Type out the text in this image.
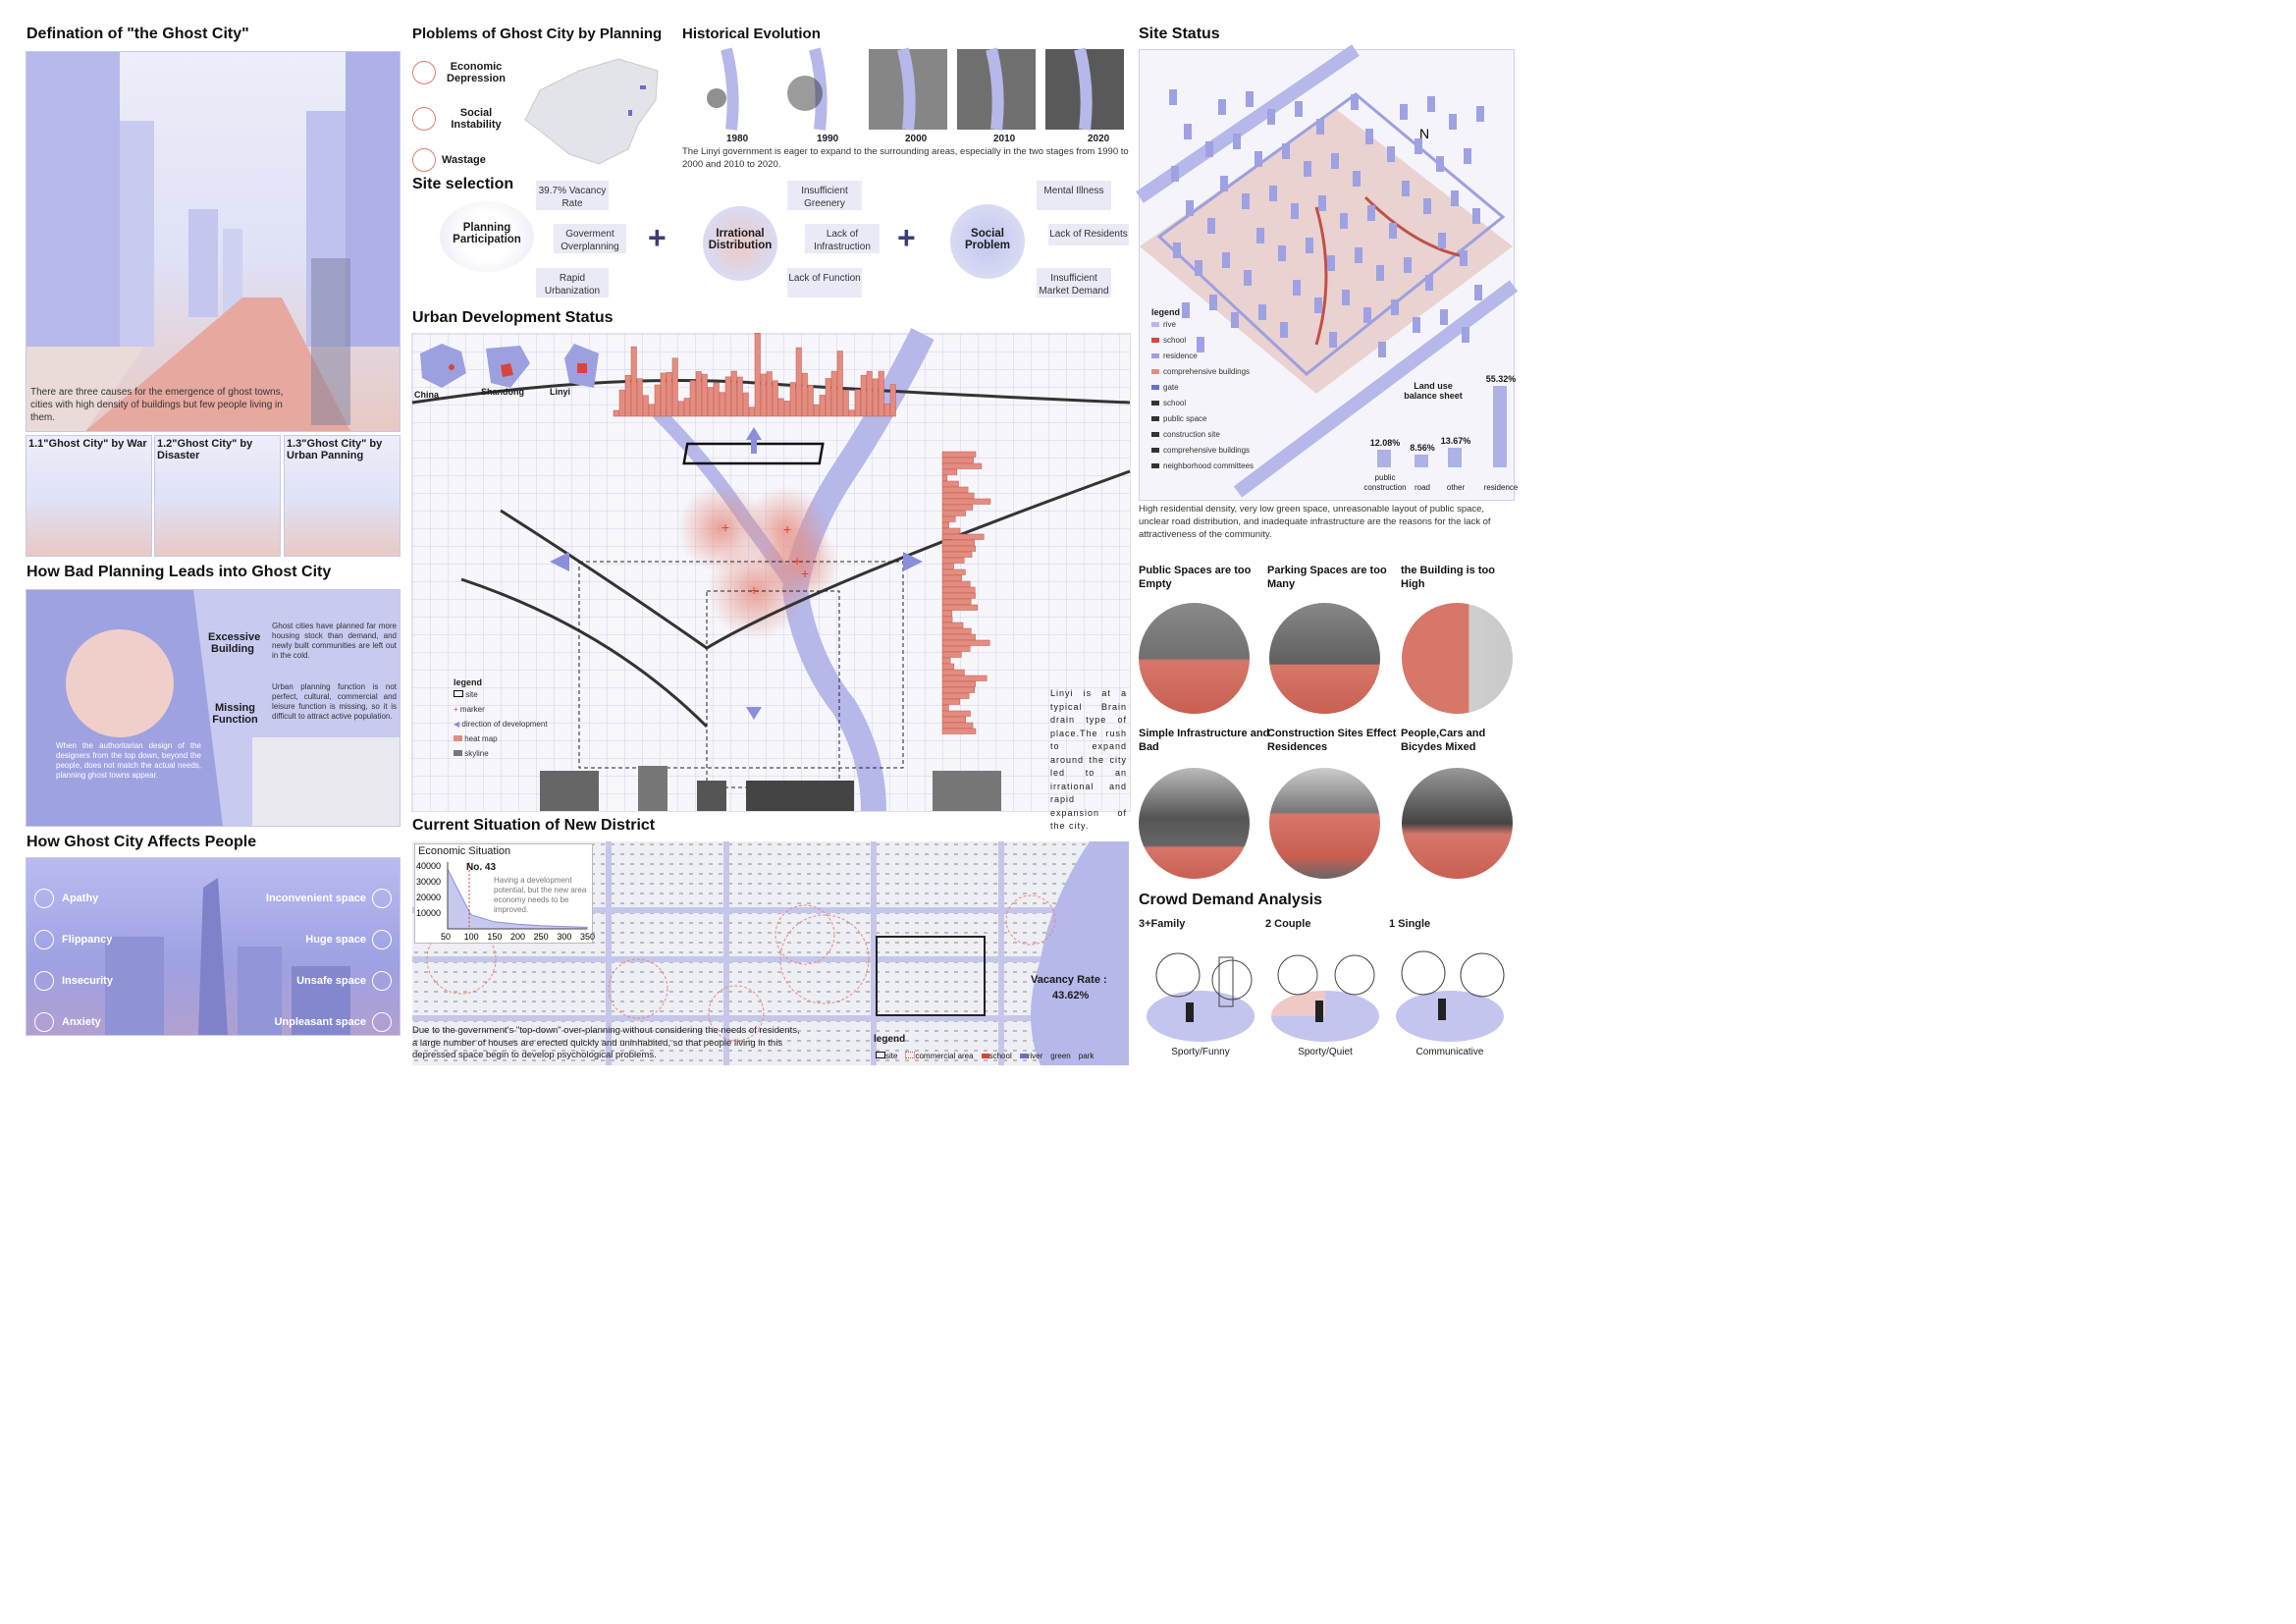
Defination of "the Ghost City"
There are three causes for the emergence of ghost towns, cities with high density of buildings but few people living in them.
1.1"Ghost City" by War 1.2"Ghost City" by Disaster
1.3"Ghost City" by Urban Panning
How Bad Planning Leads into Ghost City
Excessive Building
Missing Function
Ghost cities have planned far more housing stock than demand, and newly built communities are left out in the cold.
Urban planning function is not perfect, cultural, commercial and leisure function is missing, so it is difficult to attract active population.
When the authoritarian design of the designers from the top down, beyond the people, does not match the actual needs, planning ghost towns appear.
How Ghost City Affects People
Apathy
Flippancy
Insecurity
Anxiety
Inconvenient space
Huge space
Unsafe space
Unpleasant space
Ploblems of Ghost City by Planning
Economic Depression
Social Instability
Wastage
Historical Evolution
1980	1990	2000	2010	2020
The Linyi government is eager to expand to the surrounding areas, especially in the two stages from 1990 to 2000 and 2010 to 2020.
Site selection
Planning Participation
39.7% Vacancy Rate
Goverment Overplanning
Rapid Urbanization
+	Irrational Distribution
Insufficient Greenery
Lack of Infrastruction
Lack of Function
+	Social Problem
Mental Illness
Lack of Residents
Insufficient Market Demand
Urban Development Status
+	+
+
+
+
China	Shandong	Linyi
legend
site
+ marker
◀ direction of development
heat map
skyline
Linyi is at a typical Brain drain type of place.The rush to expand around the city led to an irrational and rapid expansion of the city.
Current Situation of New District
Economic Situation
40000
30000
20000
10000
50 100 150 200 250 300 350
No. 43
Having a development potential, but the new area economy needs to be improved.
Vacancy Rate :
43.62%
Due to the government's "top-down" over-planning without considering the needs of residents, a large number of houses are erected quickly and uninhabited, so that people living in this depressed space begin to develop psychological problems.
legend
site	commercial area	school	river green park
Site Status
N
legend
rive
school
residence
comprehensive buildings
gate
school
public space
construction site
comprehensive buildings
neighborhood committees
Land use balance sheet
12.08%
public construction
8.56%
road
13.67%
other
55.32%
residence
High residential density, very low green space, unreasonable layout of public space, unclear road distribution, and inadequate infrastructure are the reasons for the lack of attractiveness of the community.
Public Spaces are too Empty
Parking Spaces are too Many
the Building is too High
Simple Infrastructure and Bad
Construction Sites Effect Residences
People,Cars and Bicydes Mixed
Crowd Demand Analysis
3+Family	2 Couple	1 Single
Sporty/Funny	Sporty/Quiet	Communicative
